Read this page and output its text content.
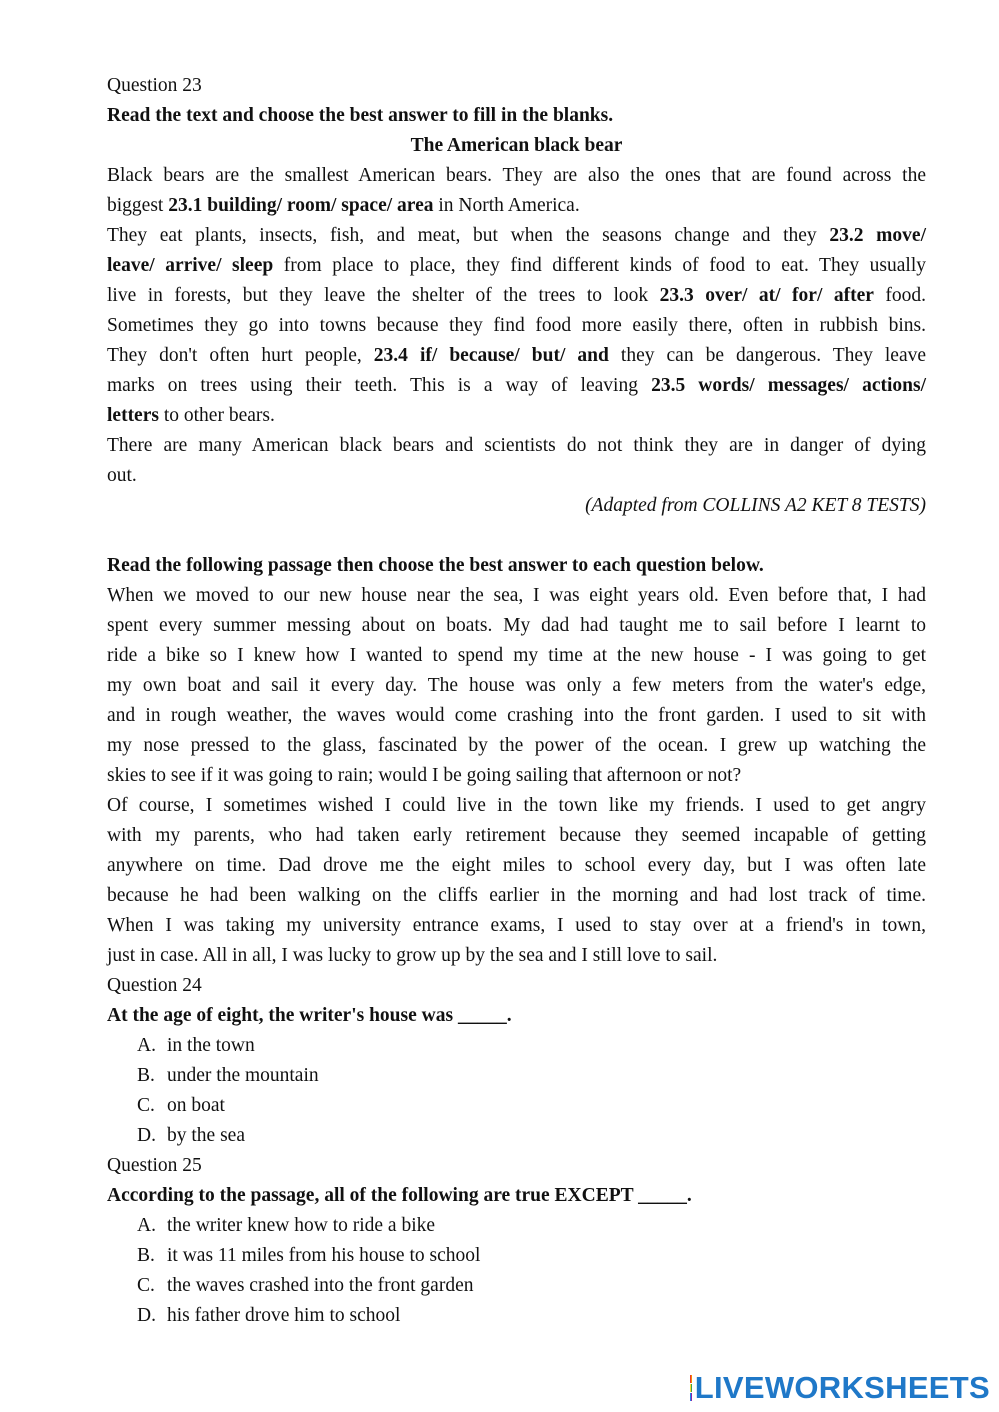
Question 23

Read the text and choose the best answer to fill in the blanks.

The American black bear

Black bears are the smallest American bears. They are also the ones that are found across the

biggest 23.1 building/ room/ space/ area in North America.

They eat plants, insects, fish, and meat, but when the seasons change and they 23.2 move/

leave/ arrive/ sleep from place to place, they find different kinds of food to eat. They usually

live in forests, but they leave the shelter of the trees to look 23.3 over/ at/ for/ after food.

Sometimes they go into towns because they find food more easily there, often in rubbish bins.

They don't often hurt people, 23.4 if/ because/ but/ and they can be dangerous. They leave

marks on trees using their teeth. This is a way of leaving 23.5 words/ messages/ actions/

letters to other bears.

There are many American black bears and scientists do not think they are in danger of dying

out.

(Adapted from COLLINS A2 KET 8 TESTS)

Read the following passage then choose the best answer to each question below.

When we moved to our new house near the sea, I was eight years old. Even before that, I had

spent every summer messing about on boats. My dad had taught me to sail before I learnt to

ride a bike so I knew how I wanted to spend my time at the new house - I was going to get

my own boat and sail it every day. The house was only a few meters from the water's edge,

and in rough weather, the waves would come crashing into the front garden. I used to sit with

my nose pressed to the glass, fascinated by the power of the ocean. I grew up watching the

skies to see if it was going to rain; would I be going sailing that afternoon or not?

Of course, I sometimes wished I could live in the town like my friends. I used to get angry

with my parents, who had taken early retirement because they seemed incapable of getting

anywhere on time. Dad drove me the eight miles to school every day, but I was often late

because he had been walking on the cliffs earlier in the morning and had lost track of time.

When I was taking my university entrance exams, I used to stay over at a friend's in town,

just in case. All in all, I was lucky to grow up by the sea and I still love to sail.

Question 24

At the age of eight, the writer's house was _____.

A. in the town
B. under the mountain
C. on boat
D. by the sea

Question 25

According to the passage, all of the following are true EXCEPT _____.

A. the writer knew how to ride a bike
B. it was 11 miles from his house to school
C. the waves crashed into the front garden
D. his father drove him to school
LIVEWORKSHEETS
